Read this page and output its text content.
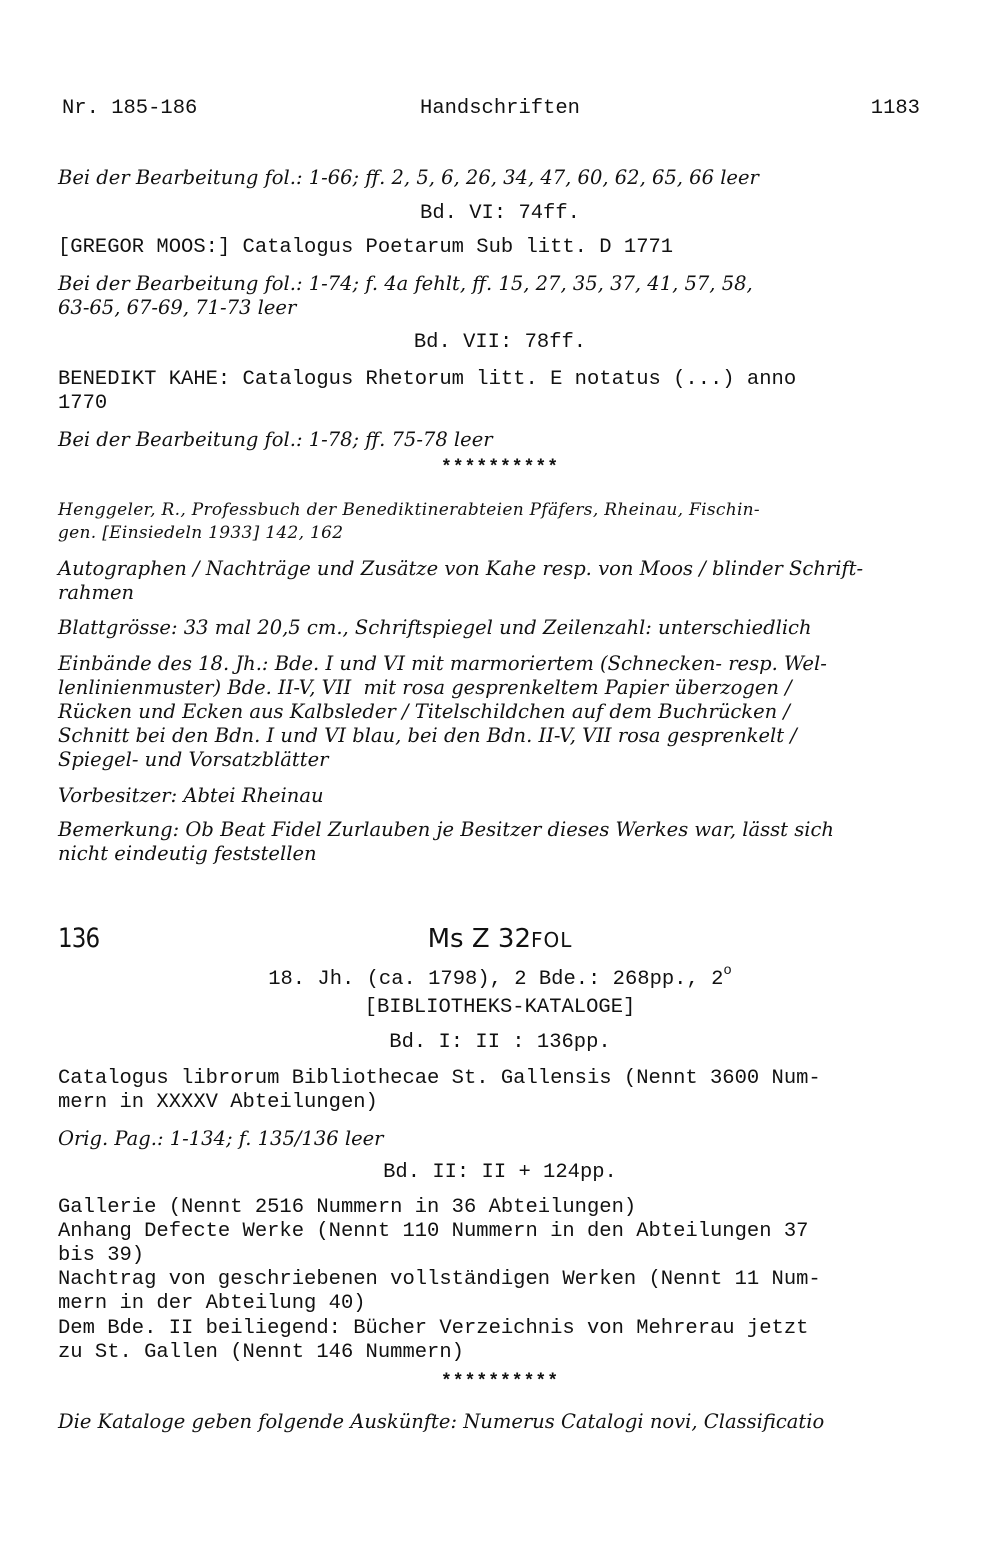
Nr. 185-186	Handschriften	1183
Bei der Bearbeitung fol.: 1-66; ff. 2, 5, 6, 26, 34, 47, 60, 62, 65, 66 leer
Bd. VI: 74ff.
[GREGOR MOOS:] Catalogus Poetarum Sub litt. D 1771
Bei der Bearbeitung fol.: 1-74; f. 4a fehlt, ff. 15, 27, 35, 37, 41, 57, 58,
63-65, 67-69, 71-73 leer
Bd. VII: 78ff.
BENEDIKT KAHE: Catalogus Rhetorum litt. E notatus (...) anno
1770
Bei der Bearbeitung fol.: 1-78; ff. 75-78 leer
**********
Henggeler, R., Professbuch der Benediktinerabteien Pfäfers, Rheinau, Fischin-
gen. [Einsiedeln 1933] 142, 162
Autographen / Nachträge und Zusätze von Kahe resp. von Moos / blinder Schrift-
rahmen
Blattgrösse: 33 mal 20,5 cm., Schriftspiegel und Zeilenzahl: unterschiedlich
Einbände des 18. Jh.: Bde. I und VI mit marmoriertem (Schnecken- resp. Wel-
lenlinienmuster) Bde. II-V, VII  mit rosa gesprenkeltem Papier überzogen /
Rücken und Ecken aus Kalbsleder / Titelschildchen auf dem Buchrücken /
Schnitt bei den Bdn. I und VI blau, bei den Bdn. II-V, VII rosa gesprenkelt /
Spiegel- und Vorsatzblätter
Vorbesitzer: Abtei Rheinau
Bemerkung: Ob Beat Fidel Zurlauben je Besitzer dieses Werkes war, lässt sich
nicht eindeutig feststellen
136	Ms Z 32FOL
18. Jh. (ca. 1798), 2 Bde.: 268pp., 2$^o$
[BIBLIOTHEKS-KATALOGE]
Bd. I: II : 136pp.
Catalogus librorum Bibliothecae St. Gallensis (Nennt 3600 Num-
mern in XXXXV Abteilungen)
Orig. Pag.: 1-134; f. 135/136 leer
Bd. II: II + 124pp.
Gallerie (Nennt 2516 Nummern in 36 Abteilungen)
Anhang Defecte Werke (Nennt 110 Nummern in den Abteilungen 37
bis 39)
Nachtrag von geschriebenen vollständigen Werken (Nennt 11 Num-
mern in der Abteilung 40)
Dem Bde. II beiliegend: Bücher Verzeichnis von Mehrerau jetzt
zu St. Gallen (Nennt 146 Nummern)
**********
Die Kataloge geben folgende Auskünfte: Numerus Catalogi novi, Classificatio
